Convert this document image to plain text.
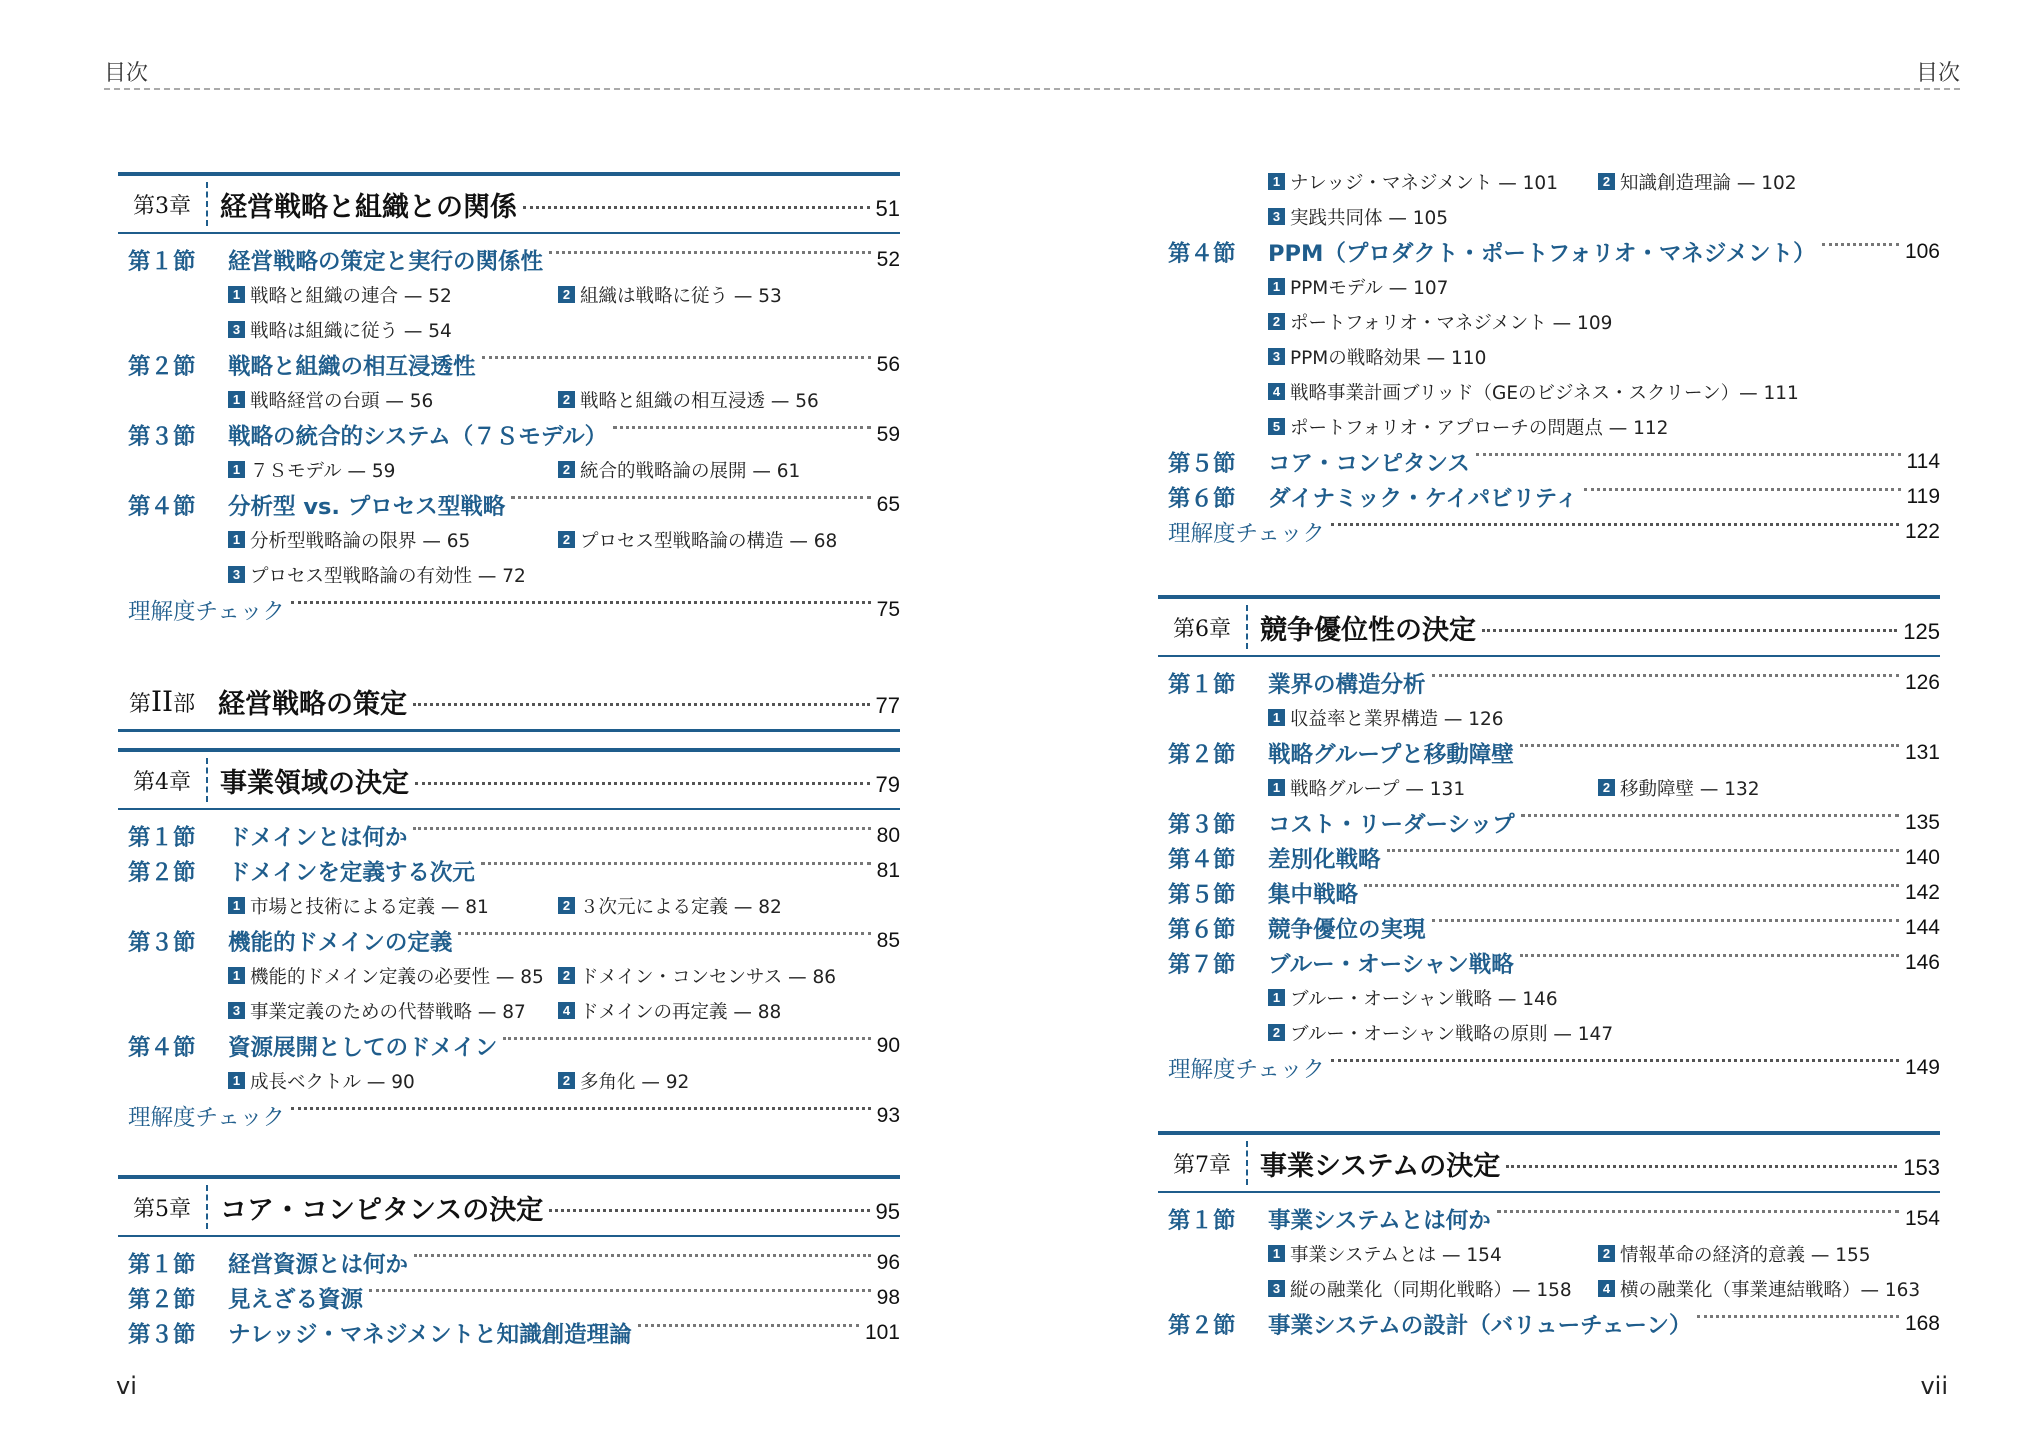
目次	目次
第3章	経営戦略と組織との関係	51
第１節	経営戦略の策定と実行の関係性	52
1 戦略と組織の連合 — 52	2 組織は戦略に従う — 53
3 戦略は組織に従う — 54
第２節	戦略と組織の相互浸透性	56
1 戦略経営の台頭 — 56	2 戦略と組織の相互浸透 — 56
第３節	戦略の統合的システム（７Ｓモデル）	59
1 ７Ｓモデル — 59	2 統合的戦略論の展開 — 61
第４節	分析型 vs. プロセス型戦略	65
1 分析型戦略論の限界 — 65	2 プロセス型戦略論の構造 — 68
3 プロセス型戦略論の有効性 — 72
理解度チェック	75
第 II 部 経営戦略の策定	77
第4章	事業領域の決定	79
第１節	ドメインとは何か	80
第２節	ドメインを定義する次元	81
1 市場と技術による定義 — 81	2 ３次元による定義 — 82
第３節	機能的ドメインの定義	85
1 機能的ドメイン定義の必要性 — 85	2 ドメイン・コンセンサス — 86
3 事業定義のための代替戦略 — 87	4 ドメインの再定義 — 88
第４節	資源展開としてのドメイン	90
1 成長ベクトル — 90	2 多角化 — 92
理解度チェック	93
第5章	コア・コンピタンスの決定	95
第１節	経営資源とは何か	96
第２節	見えざる資源	98
第３節	ナレッジ・マネジメントと知識創造理論	101
1 ナレッジ・マネジメント — 101	2 知識創造理論 — 102
3 実践共同体 — 105
第４節	PPM（プロダクト・ポートフォリオ・マネジメント）	106
1 PPMモデル — 107
2 ポートフォリオ・マネジメント — 109
3 PPMの戦略効果 — 110
4 戦略事業計画ブリッド（GEのビジネス・スクリーン）— 111
5 ポートフォリオ・アプローチの問題点 — 112
第５節	コア・コンピタンス	114
第６節	ダイナミック・ケイパビリティ	119
理解度チェック	122
第6章	競争優位性の決定	125
第１節	業界の構造分析	126
1 収益率と業界構造 — 126
第２節	戦略グループと移動障壁	131
1 戦略グループ — 131	2 移動障壁 — 132
第３節	コスト・リーダーシップ	135
第４節	差別化戦略	140
第５節	集中戦略	142
第６節	競争優位の実現	144
第７節	ブルー・オーシャン戦略	146
1 ブルー・オーシャン戦略 — 146
2 ブルー・オーシャン戦略の原則 — 147
理解度チェック	149
第7章	事業システムの決定	153
第１節	事業システムとは何か	154
1 事業システムとは — 154	2 情報革命の経済的意義 — 155
3 縦の融業化（同期化戦略）— 158	4 横の融業化（事業連結戦略）— 163
第２節	事業システムの設計（バリューチェーン）	168
vi	vii
